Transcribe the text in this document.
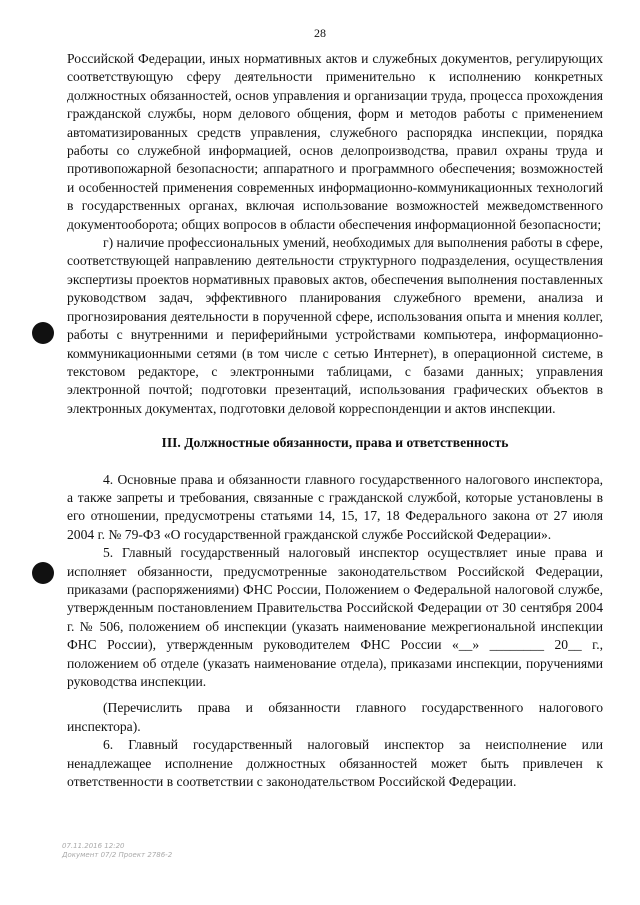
28

Российской Федерации, иных нормативных актов и служебных документов, регулирующих соответствующую сферу деятельности применительно к исполнению конкретных должностных обязанностей, основ управления и организации труда, процесса прохождения гражданской службы, норм делового общения, форм и методов работы с применением автоматизированных средств управления, служебного распорядка инспекции, порядка работы со служебной информацией, основ делопроизводства, правил охраны труда и противопожарной безопасности; аппаратного и программного обеспечения; возможностей и особенностей применения современных информационно-коммуникационных технологий в государственных органах, включая использование возможностей межведомственного документооборота; общих вопросов в области обеспечения информационной безопасности;

г) наличие профессиональных умений, необходимых для выполнения работы в сфере, соответствующей направлению деятельности структурного подразделения, осуществления экспертизы проектов нормативных правовых актов, обеспечения выполнения поставленных руководством задач, эффективного планирования служебного времени, анализа и прогнозирования деятельности в порученной сфере, использования опыта и мнения коллег, работы с внутренними и периферийными устройствами компьютера, информационно-коммуникационными сетями (в том числе с сетью Интернет), в операционной системе, в текстовом редакторе, с электронными таблицами, с базами данных; управления электронной почтой; подготовки презентаций, использования графических объектов в электронных документах, подготовки деловой корреспонденции и актов инспекции.

III. Должностные обязанности, права и ответственность

4. Основные права и обязанности главного государственного налогового инспектора, а также запреты и требования, связанные с гражданской службой, которые установлены в его отношении, предусмотрены статьями 14, 15, 17, 18 Федерального закона от 27 июля 2004 г. № 79-ФЗ «О государственной гражданской службе Российской Федерации».

5. Главный государственный налоговый инспектор осуществляет иные права и исполняет обязанности, предусмотренные законодательством Российской Федерации, приказами (распоряжениями) ФНС России, Положением о Федеральной налоговой службе, утвержденным постановлением Правительства Российской Федерации от 30 сентября 2004 г. № 506, положением об инспекции (указать наименование межрегиональной инспекции ФНС России), утвержденным руководителем ФНС России «__» ________ 20__ г., положением об отделе (указать наименование отдела), приказами инспекции, поручениями руководства инспекции.

(Перечислить права и обязанности главного государственного налогового инспектора).

6. Главный государственный налоговый инспектор за неисполнение или ненадлежащее исполнение должностных обязанностей может быть привлечен к ответственности в соответствии с законодательством Российской Федерации.

07.11.2016 12:20
Документ 07/2 Проект 2786-2
